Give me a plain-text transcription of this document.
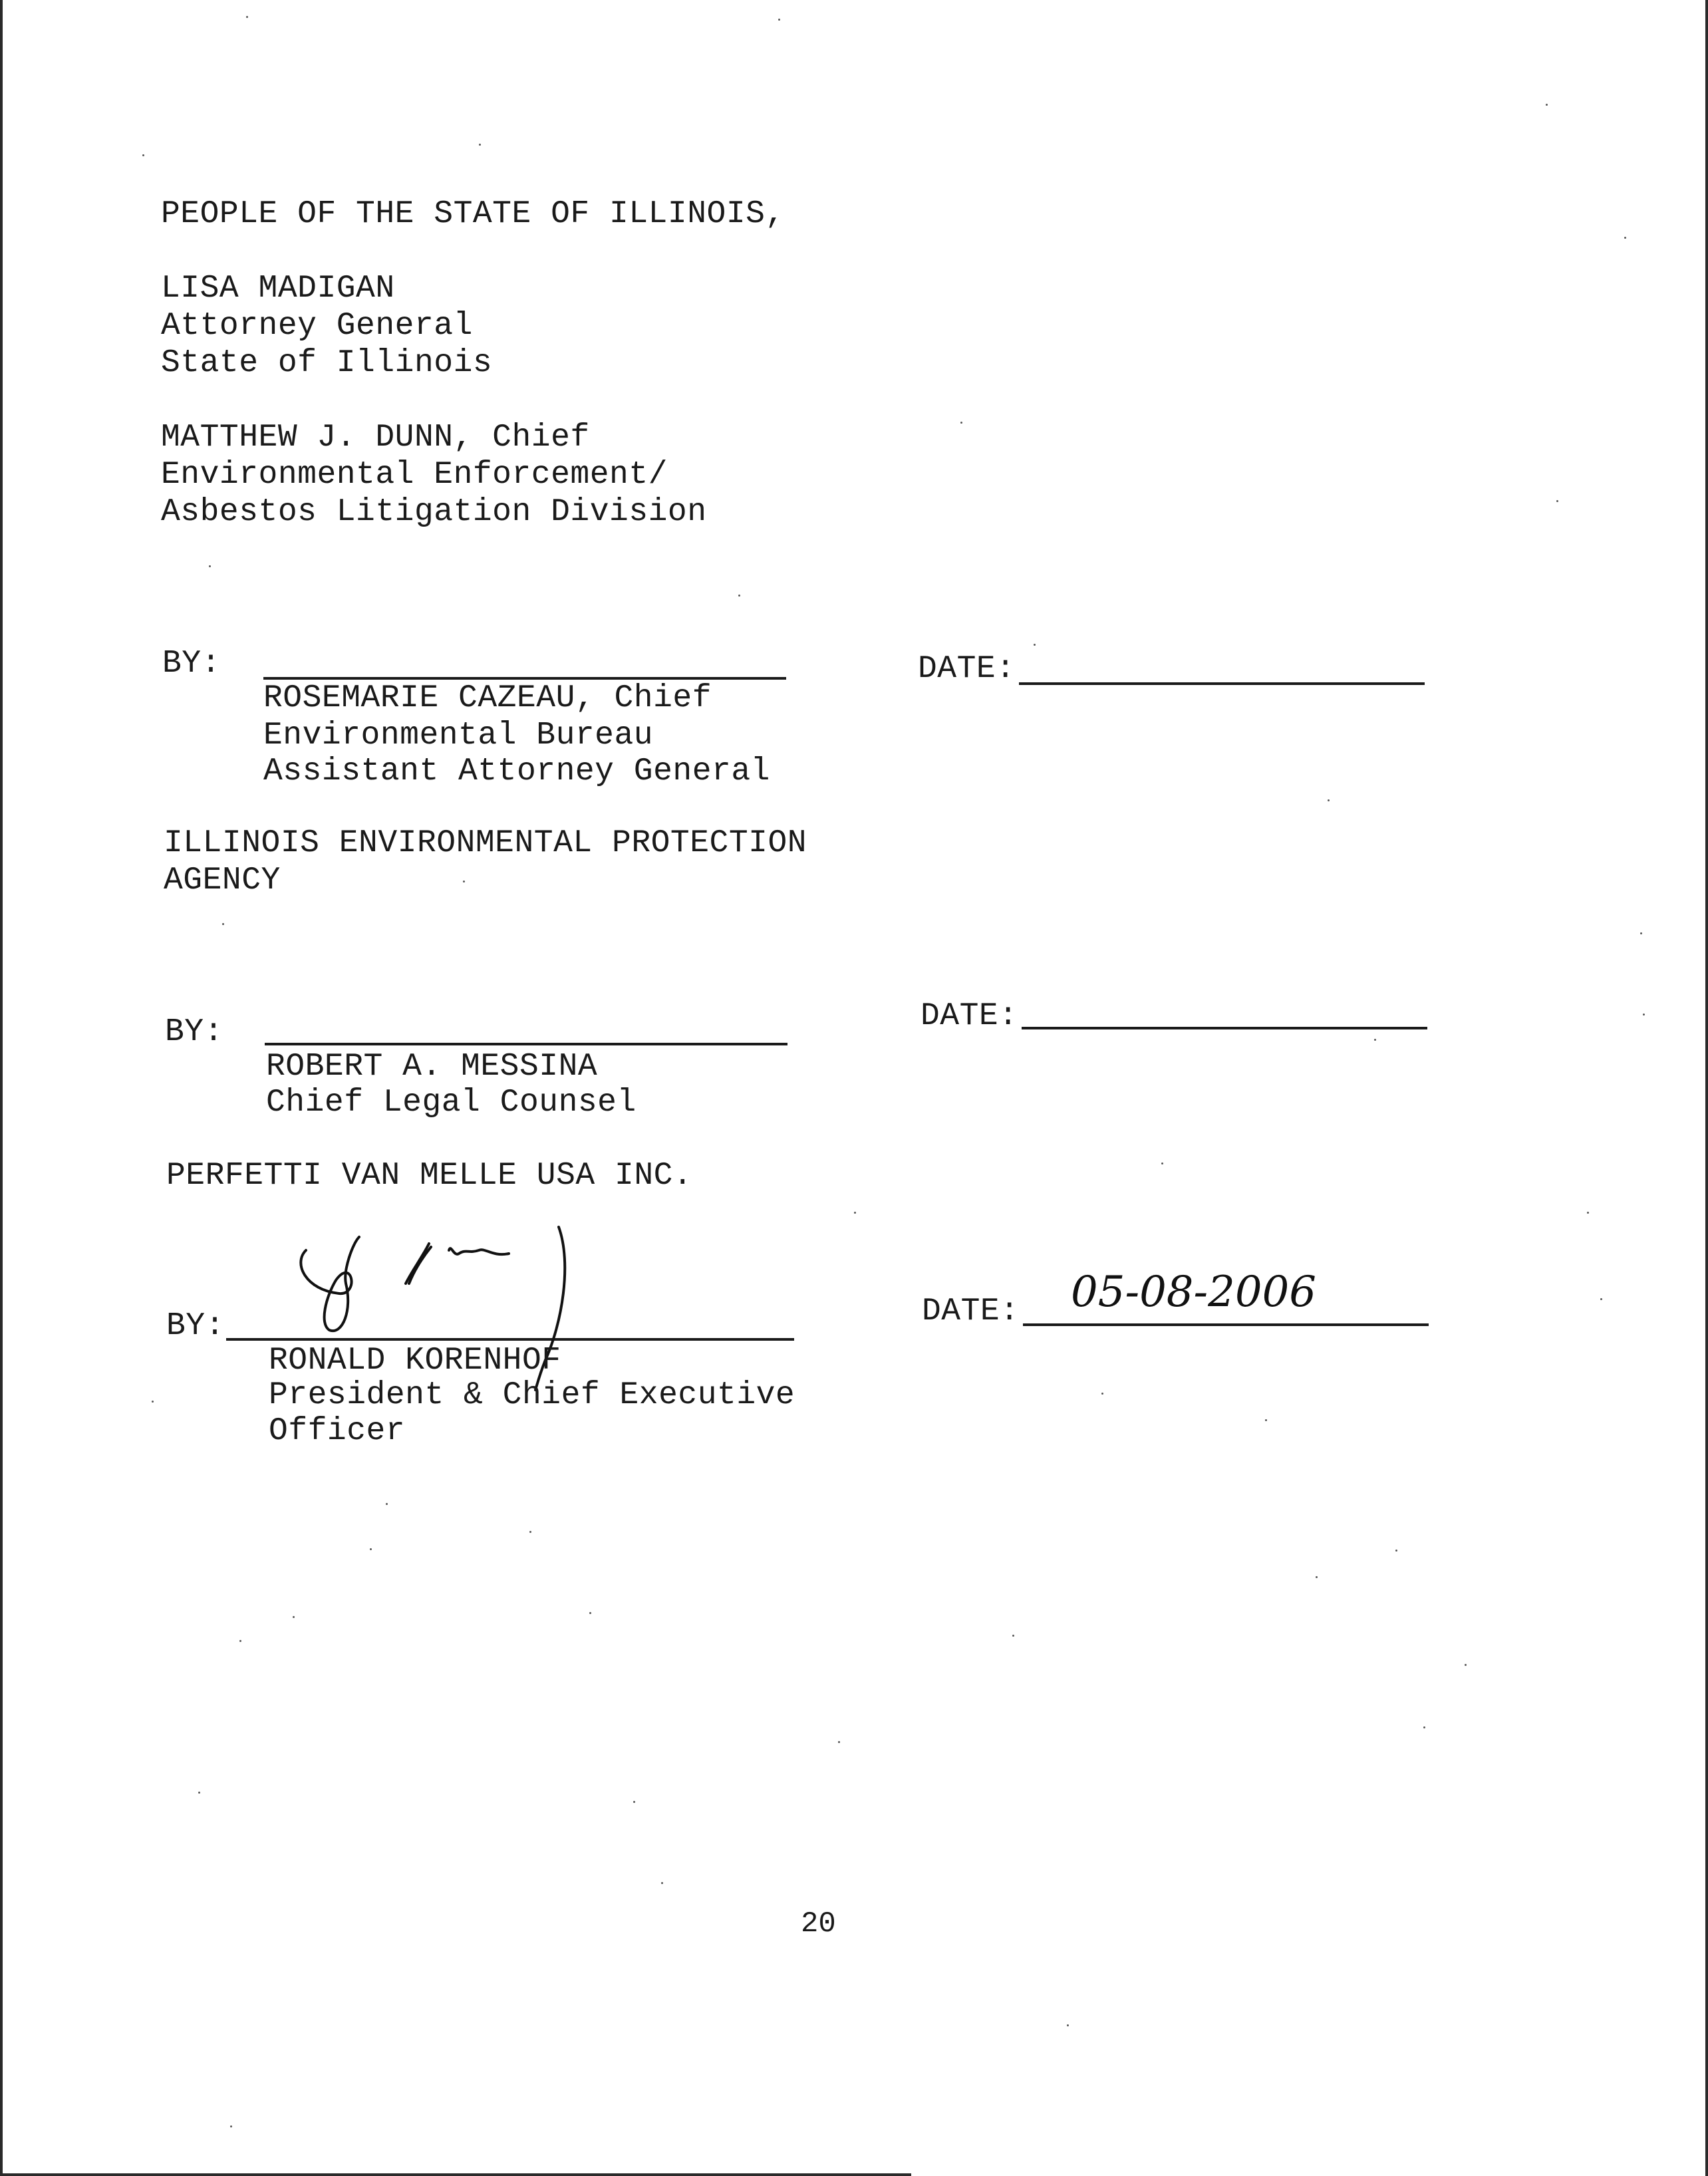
PEOPLE OF THE STATE OF ILLINOIS,
LISA MADIGAN
Attorney General
State of Illinois
MATTHEW J. DUNN, Chief
Environmental Enforcement/
Asbestos Litigation Division
BY:
ROSEMARIE CAZEAU, Chief
Environmental Bureau
Assistant Attorney General
DATE:
ILLINOIS ENVIRONMENTAL PROTECTION
AGENCY
BY:
ROBERT A. MESSINA
Chief Legal Counsel
DATE:
PERFETTI VAN MELLE USA INC.
BY:
RONALD KORENHOF
President & Chief Executive
Officer
DATE: 05-08-2006
20
